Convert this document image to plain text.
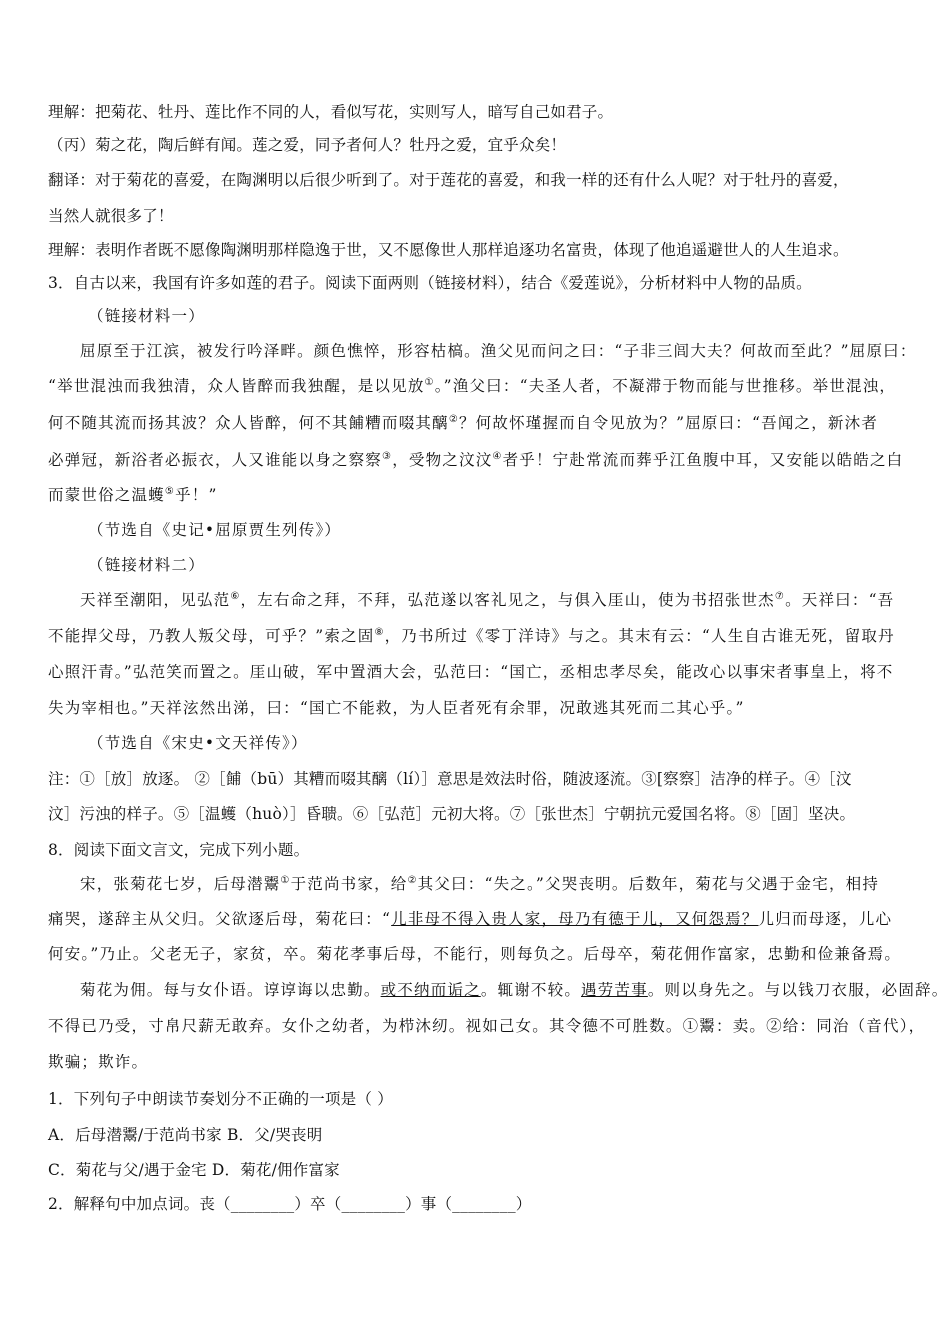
理解：把菊花、牡丹、莲比作不同的人，看似写花，实则写人，暗写自己如君子。
（丙）菊之花，陶后鲜有闻。莲之爱，同予者何人？牡丹之爱，宜乎众矣！
翻译：对于菊花的喜爱，在陶渊明以后很少听到了。对于莲花的喜爱，和我一样的还有什么人呢？对于牡丹的喜爱，
当然人就很多了！
理解：表明作者既不愿像陶渊明那样隐逸于世，又不愿像世人那样追逐功名富贵，体现了他追遥避世人的人生追求。
3．自古以来，我国有许多如莲的君子。阅读下面两则（链接材料），结合《爱莲说》，分析材料中人物的品质。
（链接材料一）
屈原至于江滨，被发行吟泽畔。颜色憔悴，形容枯槁。渔父见而问之曰：“子非三闾大夫？何故而至此？”屈原曰：
“举世混浊而我独清，众人皆醉而我独醒，是以见放①。”渔父曰：“夫圣人者，不凝滞于物而能与世推移。举世混浊，
何不随其流而扬其波？众人皆醉，何不其餔糟而啜其醨②？何故怀瑾握而自令见放为？”屈原曰：“吾闻之，新沐者
必弹冠，新浴者必振衣，人又谁能以身之察察③，受物之汶汶④者乎！宁赴常流而葬乎江鱼腹中耳，又安能以皓皓之白
而蒙世俗之温蠖⑤乎！”
（节选自《史记•屈原贾生列传》）
（链接材料二）
天祥至潮阳，见弘范⑥，左右命之拜，不拜，弘范遂以客礼见之，与俱入厓山，使为书招张世杰⑦。天祥曰：“吾
不能捍父母，乃教人叛父母，可乎？”索之固⑧，乃书所过《零丁洋诗》与之。其末有云：“人生自古谁无死，留取丹
心照汗青。”弘范笑而置之。厓山破，军中置酒大会，弘范曰：“国亡，丞相忠孝尽矣，能改心以事宋者事皇上，将不
失为宰相也。”天祥泫然出涕，曰：“国亡不能救，为人臣者死有余罪，况敢逃其死而二其心乎。”
（节选自《宋史•文天祥传》）
注：①［放］放逐。 ②［餔（bū）其糟而啜其醨（lí）］意思是效法时俗，随波逐流。③[察察］洁净的样子。④［汶
汶］污浊的样子。⑤［温蠖（huò）］昏聩。⑥［弘范］元初大将。⑦［张世杰］宁朝抗元爱国名将。⑧［固］坚决。
8．阅读下面文言文，完成下列小题。
宋，张菊花七岁，后母潜鬻①于范尚书家，给②其父曰：“失之。”父哭丧明。后数年，菊花与父遇于金宅，相持
痛哭，遂辞主从父归。父欲逐后母，菊花曰：“儿非母不得入贵人家，母乃有德于儿，又何怨焉？儿归而母逐，儿心
何安。”乃止。父老无子，家贫，卒。菊花孝事后母，不能行，则每负之。后母卒，菊花佣作富家，忠勤和俭兼备焉。
菊花为佣。每与女仆语。谆谆诲以忠勤。或不纳而诟之。辄谢不较。遇劳苦事。则以身先之。与以钱刀衣服，必固辞。
不得已乃受，寸帛尺薪无敢弃。女仆之幼者，为栉沐纫。视如己女。其令德不可胜数。①鬻：卖。②给：同治（音代），
欺骗；欺诈。
1．下列句子中朗读节奏划分不正确的一项是（ ）
A．后母潜鬻/于范尚书家 B．父/哭丧明
C．菊花与父/遇于金宅 D．菊花/佣作富家
2．解释句中加点词。丧（________）卒（________）事（________）
